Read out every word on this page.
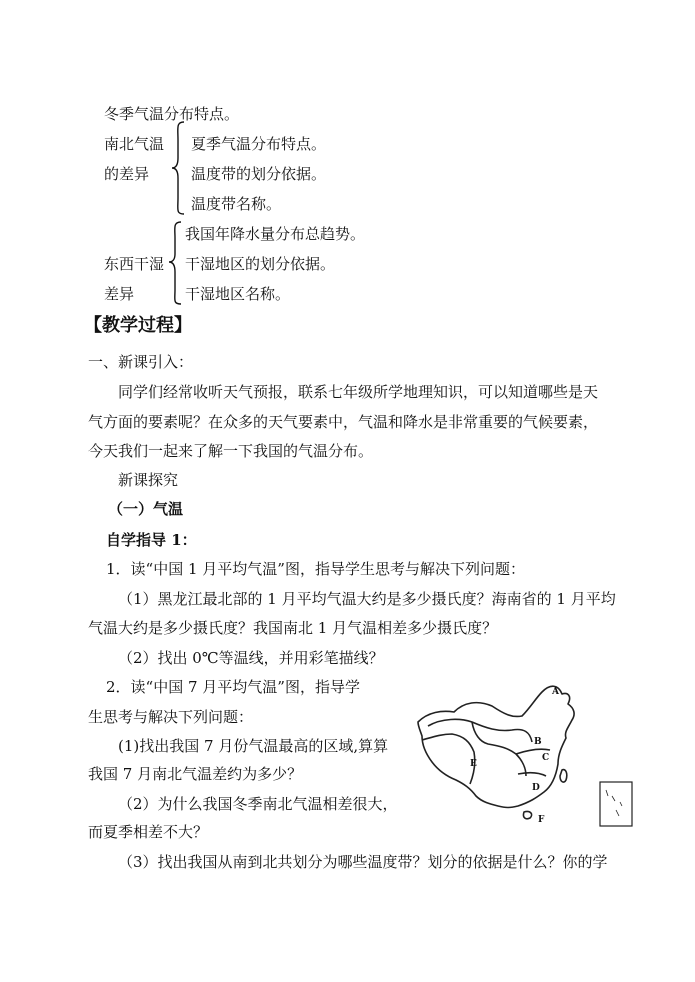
冬季气温分布特点。
南北气温
的差异
夏季气温分布特点。
温度带的划分依据。
温度带名称。
东西干湿
差异
我国年降水量分布总趋势。
干湿地区的划分依据。
干湿地区名称。
【教学过程】
一、新课引入：
同学们经常收听天气预报，联系七年级所学地理知识，可以知道哪些是天
气方面的要素呢？在众多的天气要素中，气温和降水是非常重要的气候要素，
今天我们一起来了解一下我国的气温分布。
新课探究
（一）气温
自学指导 1：
1．读“中国 1 月平均气温”图，指导学生思考与解决下列问题：
（1）黑龙江最北部的 1 月平均气温大约是多少摄氏度？海南省的 1 月平均
气温大约是多少摄氏度？我国南北 1 月气温相差多少摄氏度？
（2）找出 0℃等温线，并用彩笔描线？
2．读“中国 7 月平均气温”图，指导学
生思考与解决下列问题：
(1)找出我国 7 月份气温最高的区域,算算
我国 7 月南北气温差约为多少？
（2）为什么我国冬季南北气温相差很大，
而夏季相差不大？
（3）找出我国从南到北共划分为哪些温度带？划分的依据是什么？你的学
A
B
C
D
E
F
